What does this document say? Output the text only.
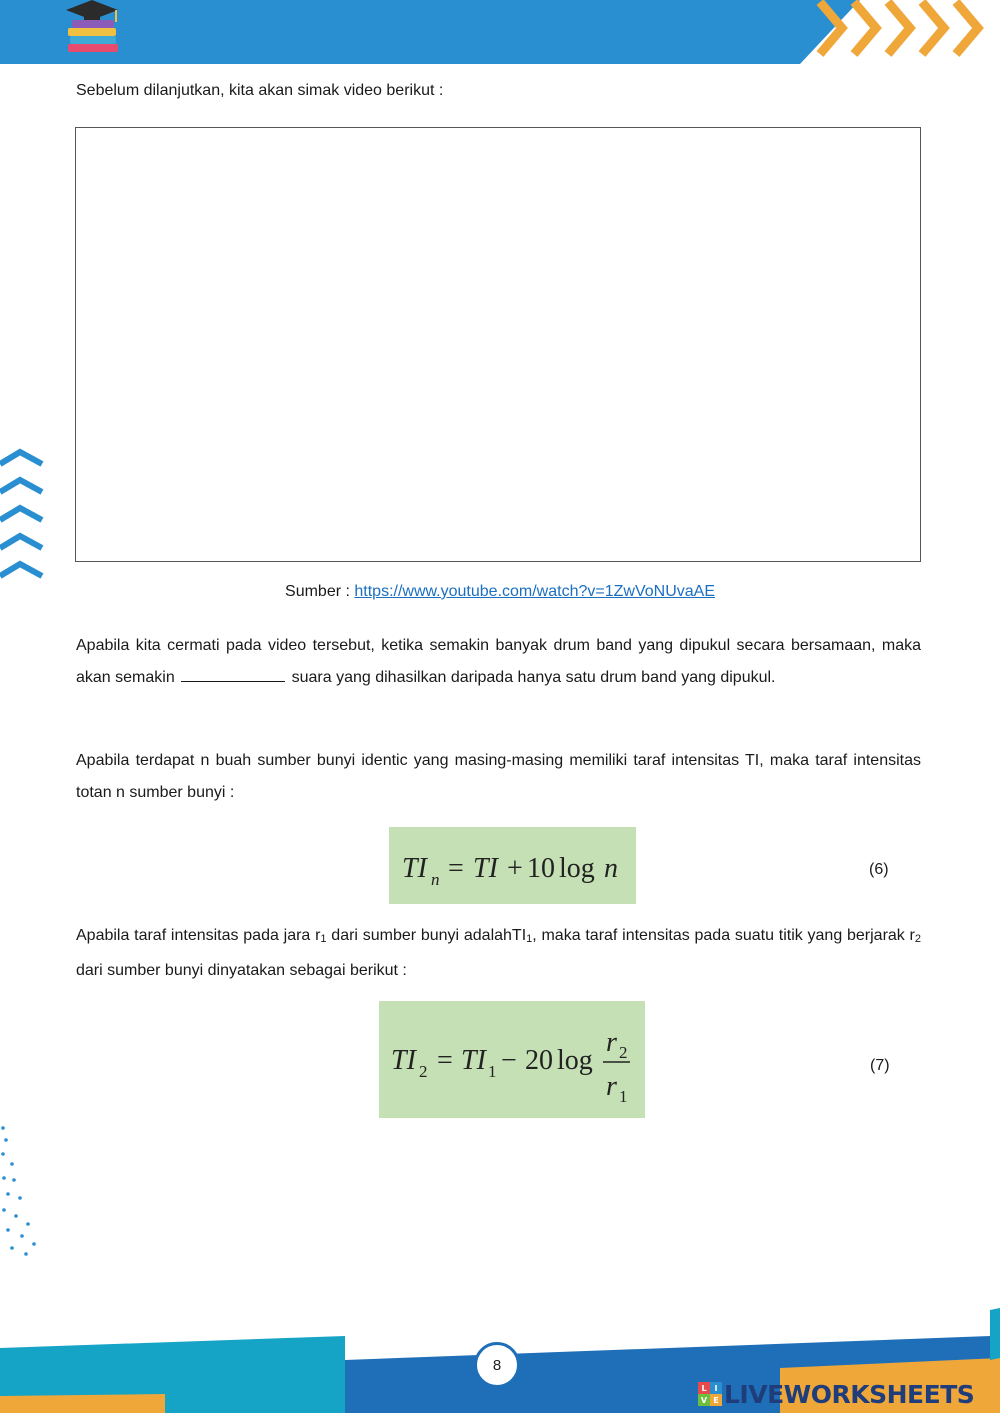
Sebelum dilanjutkan, kita akan simak video berikut :
Sumber : https://www.youtube.com/watch?v=1ZwVoNUvaAE
Apabila kita cermati pada video tersebut, ketika semakin banyak drum band yang dipukul secara bersamaan, maka akan semakin	suara yang dihasilkan daripada hanya satu drum band yang dipukul.
Apabila terdapat n buah sumber bunyi identic yang masing-masing memiliki taraf intensitas TI, maka taraf intensitas totan n sumber bunyi :
TI n = TI + 10 log n	(6)
Apabila taraf intensitas pada jara r1 dari sumber bunyi adalahTI1, maka taraf intensitas pada suatu titik yang berjarak r2 dari sumber bunyi dinyatakan sebagai berikut :
TI 2 = TI 1 − 20 log
r 2
r 1
(7)
8
L I
V E LIVEWORKSHEETS
